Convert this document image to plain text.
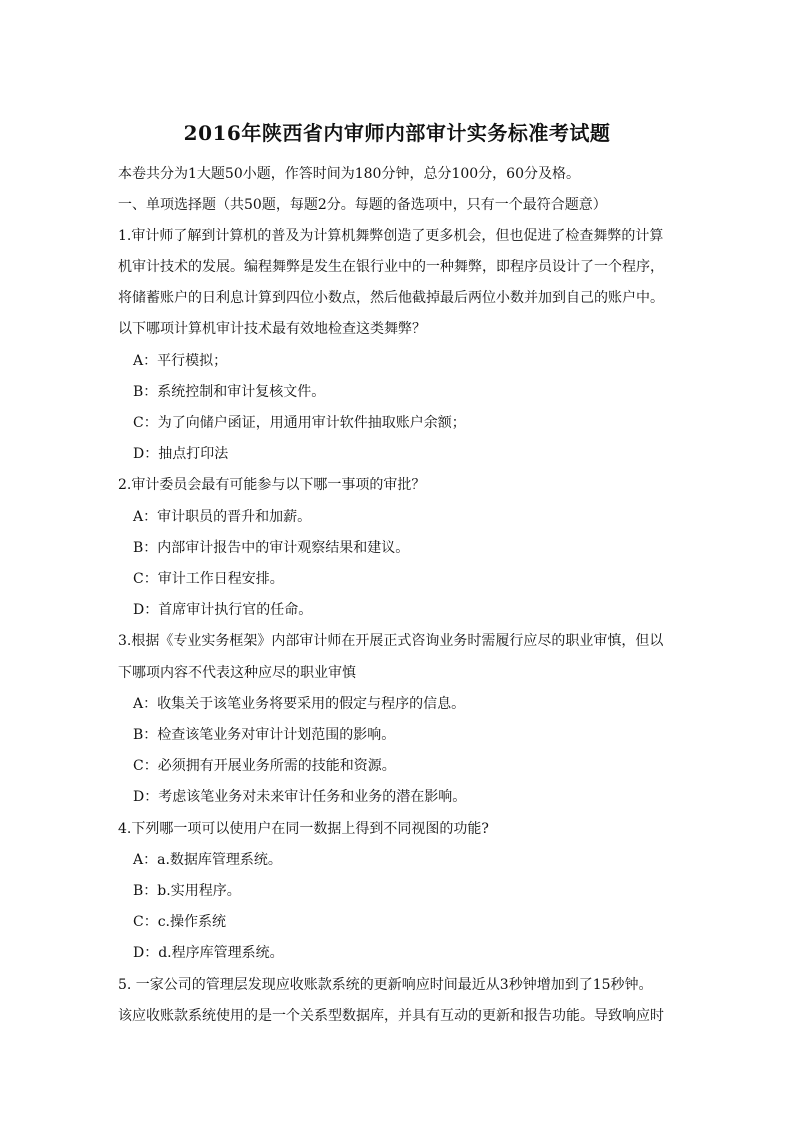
2016年陕西省内审师内部审计实务标准考试题
本卷共分为1大题50小题，作答时间为180分钟，总分100分，60分及格。
一、单项选择题（共50题，每题2分。每题的备选项中，只有一个最符合题意）
1.审计师了解到计算机的普及为计算机舞弊创造了更多机会，但也促进了检查舞弊的计算
机审计技术的发展。编程舞弊是发生在银行业中的一种舞弊，即程序员设计了一个程序，
将储蓄账户的日利息计算到四位小数点，然后他截掉最后两位小数并加到自己的账户中。
以下哪项计算机审计技术最有效地检查这类舞弊？
A：平行模拟；
B：系统控制和审计复核文件。
C：为了向储户函证，用通用审计软件抽取账户余额；
D：抽点打印法
2.审计委员会最有可能参与以下哪一事项的审批？
A：审计职员的晋升和加薪。
B：内部审计报告中的审计观察结果和建议。
C：审计工作日程安排。
D：首席审计执行官的任命。
3.根据《专业实务框架》内部审计师在开展正式咨询业务时需履行应尽的职业审慎，但以
下哪项内容不代表这种应尽的职业审慎
A：收集关于该笔业务将要采用的假定与程序的信息。
B：检查该笔业务对审计计划范围的影响。
C：必须拥有开展业务所需的技能和资源。
D：考虑该笔业务对未来审计任务和业务的潜在影响。
4.下列哪一项可以使用户在同一数据上得到不同视图的功能?
A：a.数据库管理系统。
B：b.实用程序。
C：c.操作系统
D：d.程序库管理系统。
5. 一家公司的管理层发现应收账款系统的更新响应时间最近从3秒钟增加到了15秒钟。
该应收账款系统使用的是一个关系型数据库，并具有互动的更新和报告功能。导致响应时
